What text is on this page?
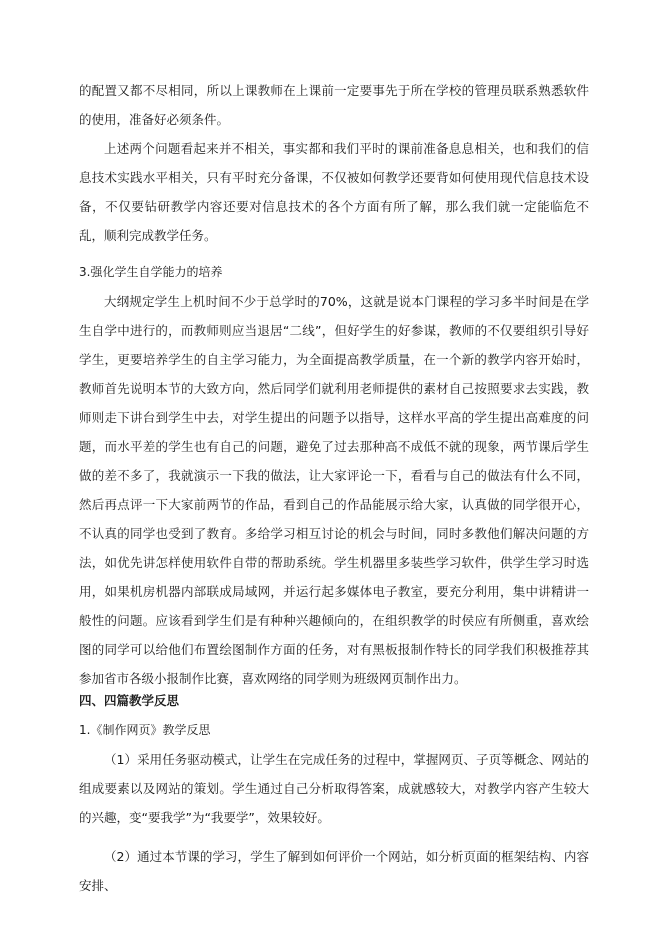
的配置又都不尽相同，所以上课教师在上课前一定要事先于所在学校的管理员联系熟悉软件的使用，准备好必须条件。

上述两个问题看起来并不相关，事实都和我们平时的课前准备息息相关，也和我们的信息技术实践水平相关，只有平时充分备课，不仅被如何教学还要背如何使用现代信息技术设备，不仅要钻研教学内容还要对信息技术的各个方面有所了解，那么我们就一定能临危不乱，顺利完成教学任务。

3.强化学生自学能力的培养

大纲规定学生上机时间不少于总学时的70%，这就是说本门课程的学习多半时间是在学生自学中进行的，而教师则应当退居“二线”，但好学生的好参谋，教师的不仅要组织引导好学生，更要培养学生的自主学习能力，为全面提高教学质量，在一个新的教学内容开始时，教师首先说明本节的大致方向，然后同学们就利用老师提供的素材自己按照要求去实践，教师则走下讲台到学生中去，对学生提出的问题予以指导，这样水平高的学生提出高难度的问题，而水平差的学生也有自己的问题，避免了过去那种高不成低不就的现象，两节课后学生做的差不多了，我就演示一下我的做法，让大家评论一下，看看与自己的做法有什么不同，然后再点评一下大家前两节的作品，看到自己的作品能展示给大家，认真做的同学很开心，不认真的同学也受到了教育。多给学习相互讨论的机会与时间，同时多教他们解决问题的方法，如优先讲怎样使用软件自带的帮助系统。学生机器里多装些学习软件，供学生学习时选用，如果机房机器内部联成局域网，并运行起多媒体电子教室，要充分利用，集中讲精讲一般性的问题。应该看到学生们是有种种兴趣倾向的，在组织教学的时侯应有所侧重，喜欢绘图的同学可以给他们布置绘图制作方面的任务，对有黑板报制作特长的同学我们积极推荐其参加省市各级小报制作比赛，喜欢网络的同学则为班级网页制作出力。

四、四篇教学反思

1.《制作网页》教学反思

（1）采用任务驱动模式，让学生在完成任务的过程中，掌握网页、子页等概念、网站的组成要素以及网站的策划。学生通过自己分析取得答案，成就感较大，对教学内容产生较大的兴趣，变“要我学”为“我要学”，效果较好。

（2）通过本节课的学习，学生了解到如何评价一个网站，如分析页面的框架结构、内容安排、
